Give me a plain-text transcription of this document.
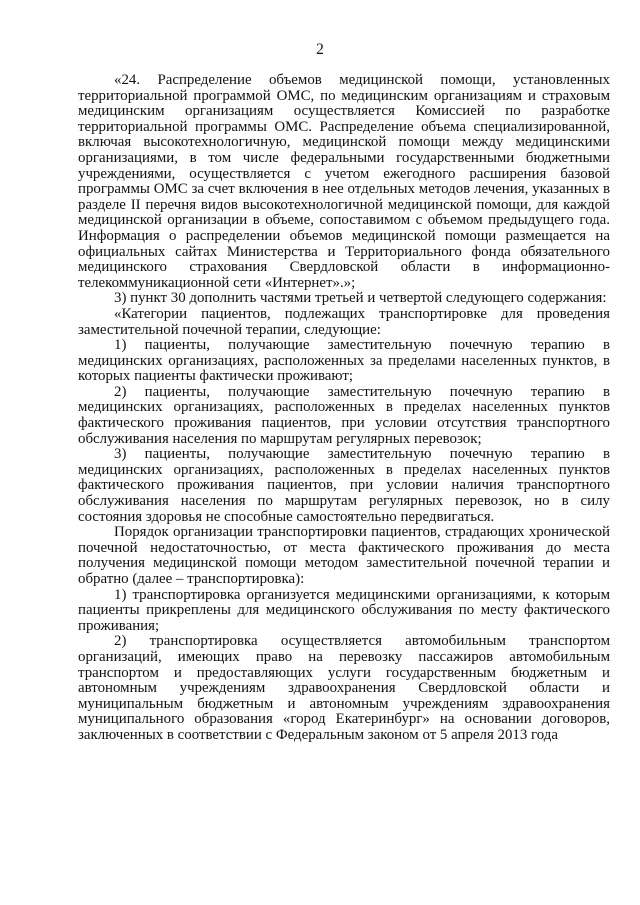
2

«24. Распределение объемов медицинской помощи, установленных территориальной программой ОМС, по медицинским организациям и страховым медицинским организациям осуществляется Комиссией по разработке территориальной программы ОМС. Распределение объема специализированной, включая высокотехнологичную, медицинской помощи между медицинскими организациями, в том числе федеральными государственными бюджетными учреждениями, осуществляется с учетом ежегодного расширения базовой программы ОМС за счет включения в нее отдельных методов лечения, указанных в разделе II перечня видов высокотехнологичной медицинской помощи, для каждой медицинской организации в объеме, сопоставимом с объемом предыдущего года. Информация о распределении объемов медицинской помощи размещается на официальных сайтах Министерства и Территориального фонда обязательного медицинского страхования Свердловской области в информационно-телекоммуникационной сети «Интернет».»;

3) пункт 30 дополнить частями третьей и четвертой следующего содержания:

«Категории пациентов, подлежащих транспортировке для проведения заместительной почечной терапии, следующие:

1) пациенты, получающие заместительную почечную терапию в медицинских организациях, расположенных за пределами населенных пунктов, в которых пациенты фактически проживают;

2) пациенты, получающие заместительную почечную терапию в медицинских организациях, расположенных в пределах населенных пунктов фактического проживания пациентов, при условии отсутствия транспортного обслуживания населения по маршрутам регулярных перевозок;

3) пациенты, получающие заместительную почечную терапию в медицинских организациях, расположенных в пределах населенных пунктов фактического проживания пациентов, при условии наличия транспортного обслуживания населения по маршрутам регулярных перевозок, но в силу состояния здоровья не способные самостоятельно передвигаться.

Порядок организации транспортировки пациентов, страдающих хронической почечной недостаточностью, от места фактического проживания до места получения медицинской помощи методом заместительной почечной терапии и обратно (далее – транспортировка):

1) транспортировка организуется медицинскими организациями, к которым пациенты прикреплены для медицинского обслуживания по месту фактического проживания;

2) транспортировка осуществляется автомобильным транспортом организаций, имеющих право на перевозку пассажиров автомобильным транспортом и предоставляющих услуги государственным бюджетным и автономным учреждениям здравоохранения Свердловской области и муниципальным бюджетным и автономным учреждениям здравоохранения муниципального образования «город Екатеринбург» на основании договоров, заключенных в соответствии с Федеральным законом от 5 апреля 2013 года
